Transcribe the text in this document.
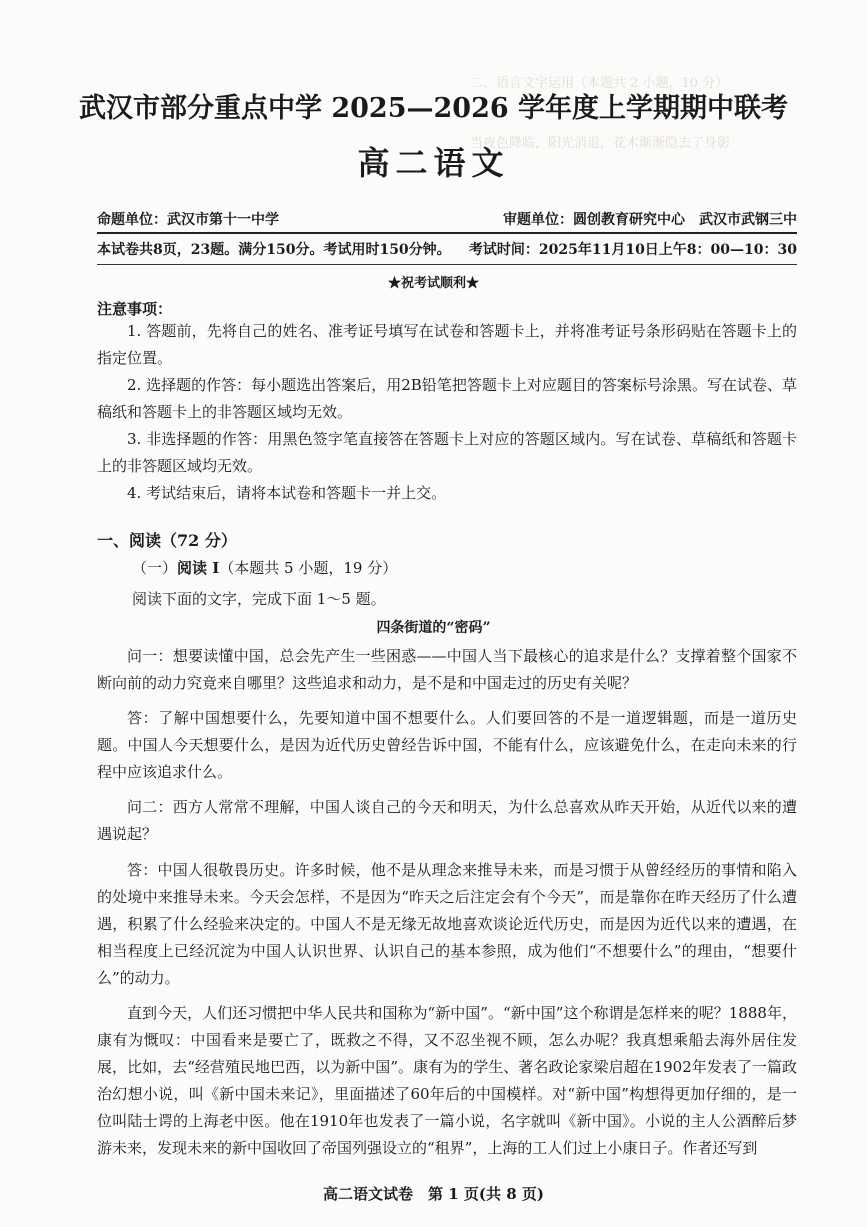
二、语言文字运用（本题共 2 小题，10 分）
当夜色降临，阳光消退，花木渐渐隐去了身影

武汉市部分重点中学 2025—2026 学年度上学期期中联考
高二语文
命题单位：武汉市第十一中学	审题单位：圆创教育研究中心　武汉市武钢三中
本试卷共8页，23题。满分150分。考试用时150分钟。 考试时间：2025年11月10日上午8：00—10：30
★祝考试顺利★
注意事项：
1. 答题前，先将自己的姓名、准考证号填写在试卷和答题卡上，并将准考证号条形码贴在答题卡上的指定位置。
2. 选择题的作答：每小题选出答案后，用2B铅笔把答题卡上对应题目的答案标号涂黑。写在试卷、草稿纸和答题卡上的非答题区域均无效。
3. 非选择题的作答：用黑色签字笔直接答在答题卡上对应的答题区域内。写在试卷、草稿纸和答题卡上的非答题区域均无效。
4. 考试结束后，请将本试卷和答题卡一并上交。
一、阅读（72 分）
（一）阅读 I（本题共 5 小题，19 分）
阅读下面的文字，完成下面 1～5 题。
四条街道的“密码”
问一：想要读懂中国，总会先产生一些困惑——中国人当下最核心的追求是什么？支撑着整个国家不断向前的动力究竟来自哪里？这些追求和动力，是不是和中国走过的历史有关呢？
答：了解中国想要什么，先要知道中国不想要什么。人们要回答的不是一道逻辑题，而是一道历史题。中国人今天想要什么，是因为近代历史曾经告诉中国，不能有什么，应该避免什么，在走向未来的行程中应该追求什么。
问二：西方人常常不理解，中国人谈自己的今天和明天，为什么总喜欢从昨天开始，从近代以来的遭遇说起？
答：中国人很敬畏历史。许多时候，他不是从理念来推导未来，而是习惯于从曾经经历的事情和陷入的处境中来推导未来。今天会怎样，不是因为“昨天之后注定会有个今天”，而是靠你在昨天经历了什么遭遇，积累了什么经验来决定的。中国人不是无缘无故地喜欢谈论近代历史，而是因为近代以来的遭遇，在相当程度上已经沉淀为中国人认识世界、认识自己的基本参照，成为他们“不想要什么”的理由，“想要什么”的动力。
直到今天，人们还习惯把中华人民共和国称为“新中国”。“新中国”这个称谓是怎样来的呢？1888年，康有为慨叹：中国看来是要亡了，既救之不得，又不忍坐视不顾，怎么办呢？我真想乘船去海外居住发展，比如，去“经营殖民地巴西，以为新中国”。康有为的学生、著名政论家梁启超在1902年发表了一篇政治幻想小说，叫《新中国未来记》，里面描述了60年后的中国模样。对“新中国”构想得更加仔细的，是一位叫陆士谔的上海老中医。他在1910年也发表了一篇小说，名字就叫《新中国》。小说的主人公酒醉后梦游未来，发现未来的新中国收回了帝国列强设立的“租界”，上海的工人们过上小康日子。作者还写到
高二语文试卷　第 1 页(共 8 页)
